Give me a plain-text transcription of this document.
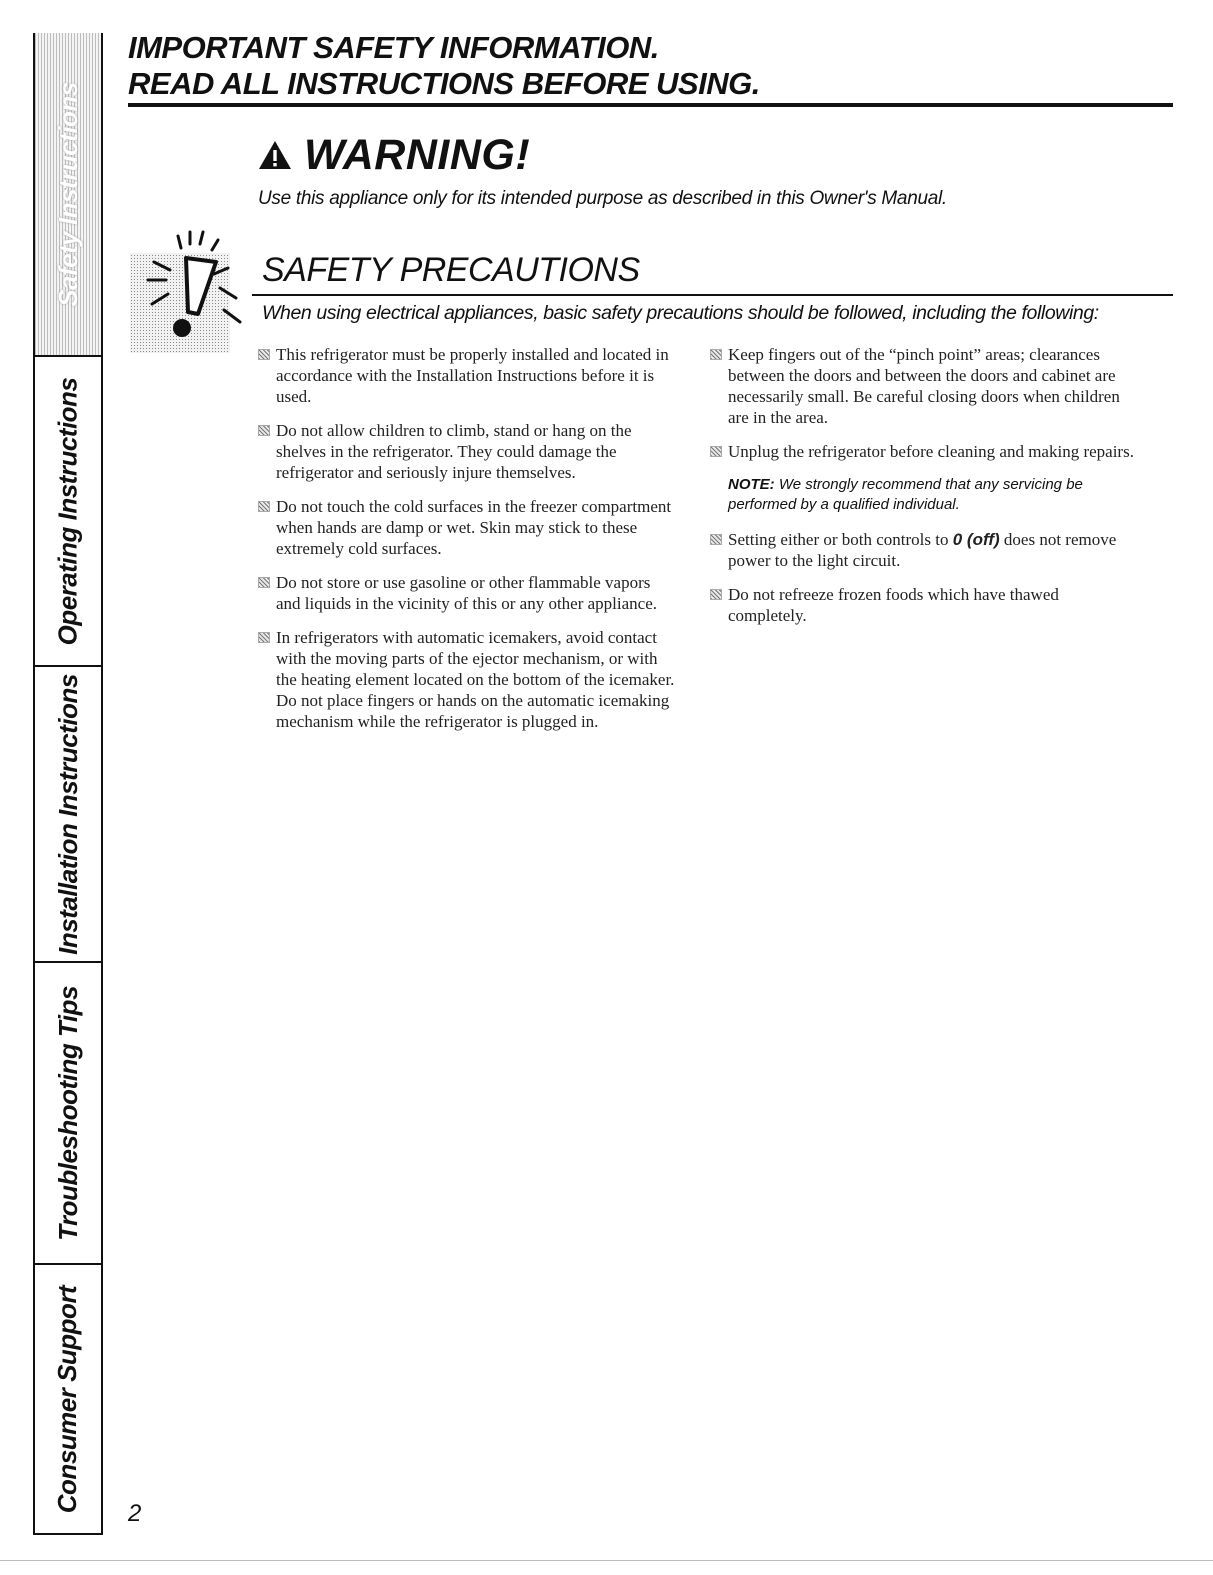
Safety Instructions
Operating Instructions
Installation Instructions
Troubleshooting Tips
Consumer Support
IMPORTANT SAFETY INFORMATION.
READ ALL INSTRUCTIONS BEFORE USING.
WARNING!
Use this appliance only for its intended purpose as described in this Owner's Manual.
SAFETY PRECAUTIONS
When using electrical appliances, basic safety precautions should be followed, including the following:
This refrigerator must be properly installed and located in accordance with the Installation Instructions before it is used.
Do not allow children to climb, stand or hang on the shelves in the refrigerator. They could damage the refrigerator and seriously injure themselves.
Do not touch the cold surfaces in the freezer compartment when hands are damp or wet. Skin may stick to these extremely cold surfaces.
Do not store or use gasoline or other flammable vapors and liquids in the vicinity of this or any other appliance.
In refrigerators with automatic icemakers, avoid contact with the moving parts of the ejector mechanism, or with the heating element located on the bottom of the icemaker. Do not place fingers or hands on the automatic icemaking mechanism while the refrigerator is plugged in.
Keep fingers out of the “pinch point” areas; clearances between the doors and between the doors and cabinet are necessarily small. Be careful closing doors when children are in the area.
Unplug the refrigerator before cleaning and making repairs.
NOTE: We strongly recommend that any servicing be performed by a qualified individual.
Setting either or both controls to 0 (off) does not remove power to the light circuit.
Do not refreeze frozen foods which have thawed completely.
2
